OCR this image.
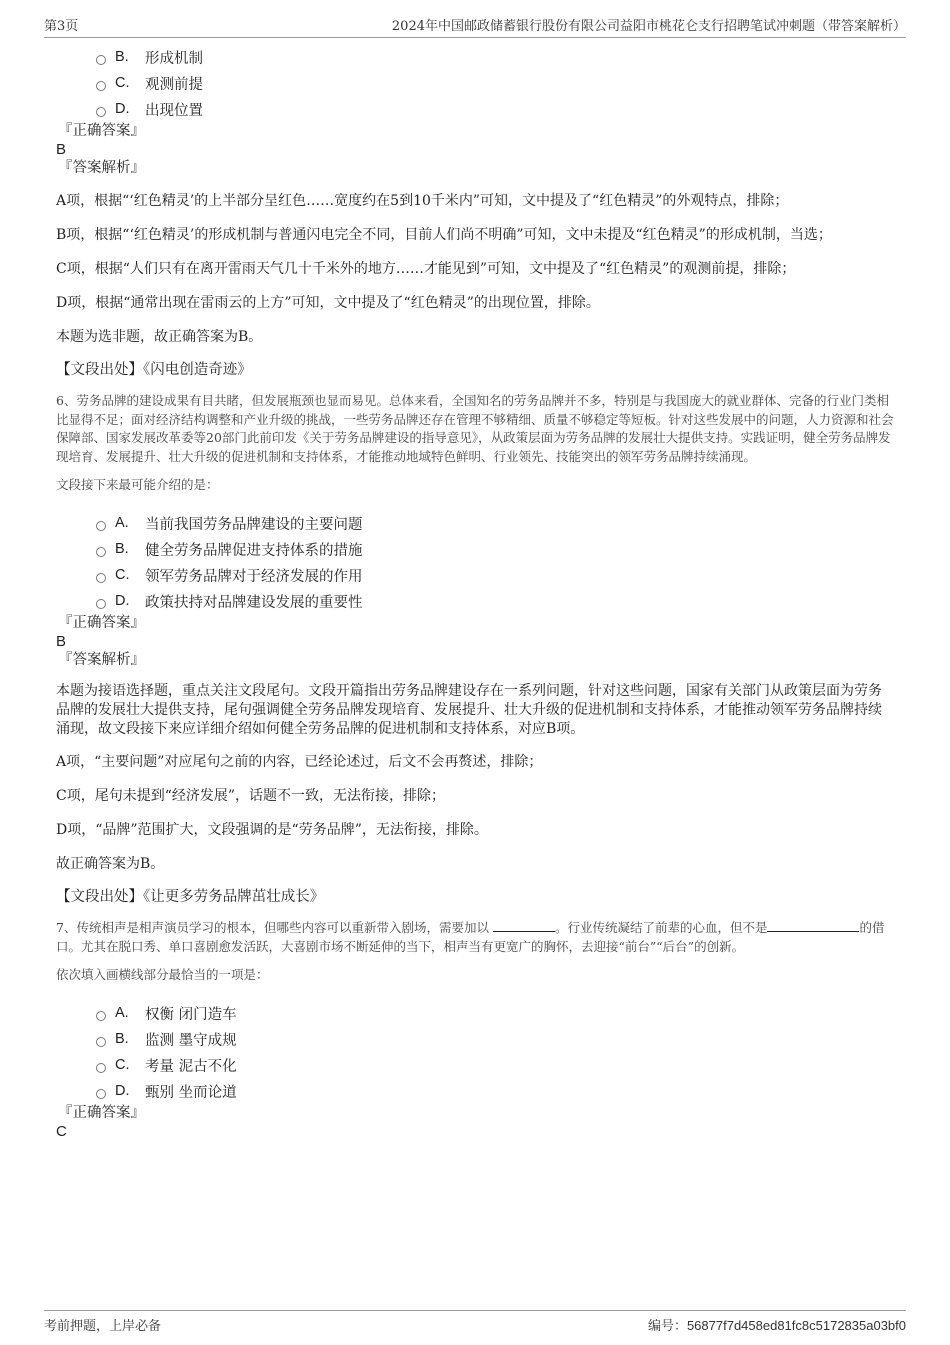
第3页	2024年中国邮政储蓄银行股份有限公司益阳市桃花仑支行招聘笔试冲刺题（带答案解析）
B.	形成机制
C.	观测前提
D.	出现位置
『正确答案』
B
『答案解析』
A项，根据“‘红色精灵’的上半部分呈红色……宽度约在5到10千米内”可知，文中提及了“红色精灵”的外观特点，排除；
B项，根据“‘红色精灵’的形成机制与普通闪电完全不同，目前人们尚不明确”可知，文中未提及“红色精灵”的形成机制，当选；
C项，根据“人们只有在离开雷雨天气几十千米外的地方……才能见到”可知，文中提及了“红色精灵”的观测前提，排除；
D项，根据“通常出现在雷雨云的上方”可知，文中提及了“红色精灵”的出现位置，排除。
本题为选非题，故正确答案为B。
【文段出处】《闪电创造奇迹》
6、劳务品牌的建设成果有目共睹，但发展瓶颈也显而易见。总体来看，全国知名的劳务品牌并不多，特别是与我国庞大的就业群体、完备的行业门类相比显得不足；面对经济结构调整和产业升级的挑战，一些劳务品牌还存在管理不够精细、质量不够稳定等短板。针对这些发展中的问题，人力资源和社会保障部、国家发展改革委等20部门此前印发《关于劳务品牌建设的指导意见》，从政策层面为劳务品牌的发展壮大提供支持。实践证明，健全劳务品牌发现培育、发展提升、壮大升级的促进机制和支持体系，才能推动地域特色鲜明、行业领先、技能突出的领军劳务品牌持续涌现。
文段接下来最可能介绍的是：
A.	当前我国劳务品牌建设的主要问题
B.	健全劳务品牌促进支持体系的措施
C.	领军劳务品牌对于经济发展的作用
D.	政策扶持对品牌建设发展的重要性
『正确答案』
B
『答案解析』
本题为接语选择题，重点关注文段尾句。文段开篇指出劳务品牌建设存在一系列问题，针对这些问题，国家有关部门从政策层面为劳务品牌的发展壮大提供支持，尾句强调健全劳务品牌发现培育、发展提升、壮大升级的促进机制和支持体系，才能推动领军劳务品牌持续涌现，故文段接下来应详细介绍如何健全劳务品牌的促进机制和支持体系，对应B项。
A项，“主要问题”对应尾句之前的内容，已经论述过，后文不会再赘述，排除；
C项，尾句未提到“经济发展”，话题不一致，无法衔接，排除；
D项，“品牌”范围扩大，文段强调的是“劳务品牌”，无法衔接，排除。
故正确答案为B。
【文段出处】《让更多劳务品牌茁壮成长》
7、传统相声是相声演员学习的根本，但哪些内容可以重新带入剧场，需要加以	。行业传统凝结了前辈的心血，但不是	的借口。尤其在脱口秀、单口喜剧愈发活跃，大喜剧市场不断延伸的当下，相声当有更宽广的胸怀，去迎接“前台”“后台”的创新。
依次填入画横线部分最恰当的一项是：
A.	权衡 闭门造车
B.	监测 墨守成规
C.	考量 泥古不化
D.	甄别 坐而论道
『正确答案』
C
考前押题，上岸必备	编号：56877f7d458ed81fc8c5172835a03bf0
